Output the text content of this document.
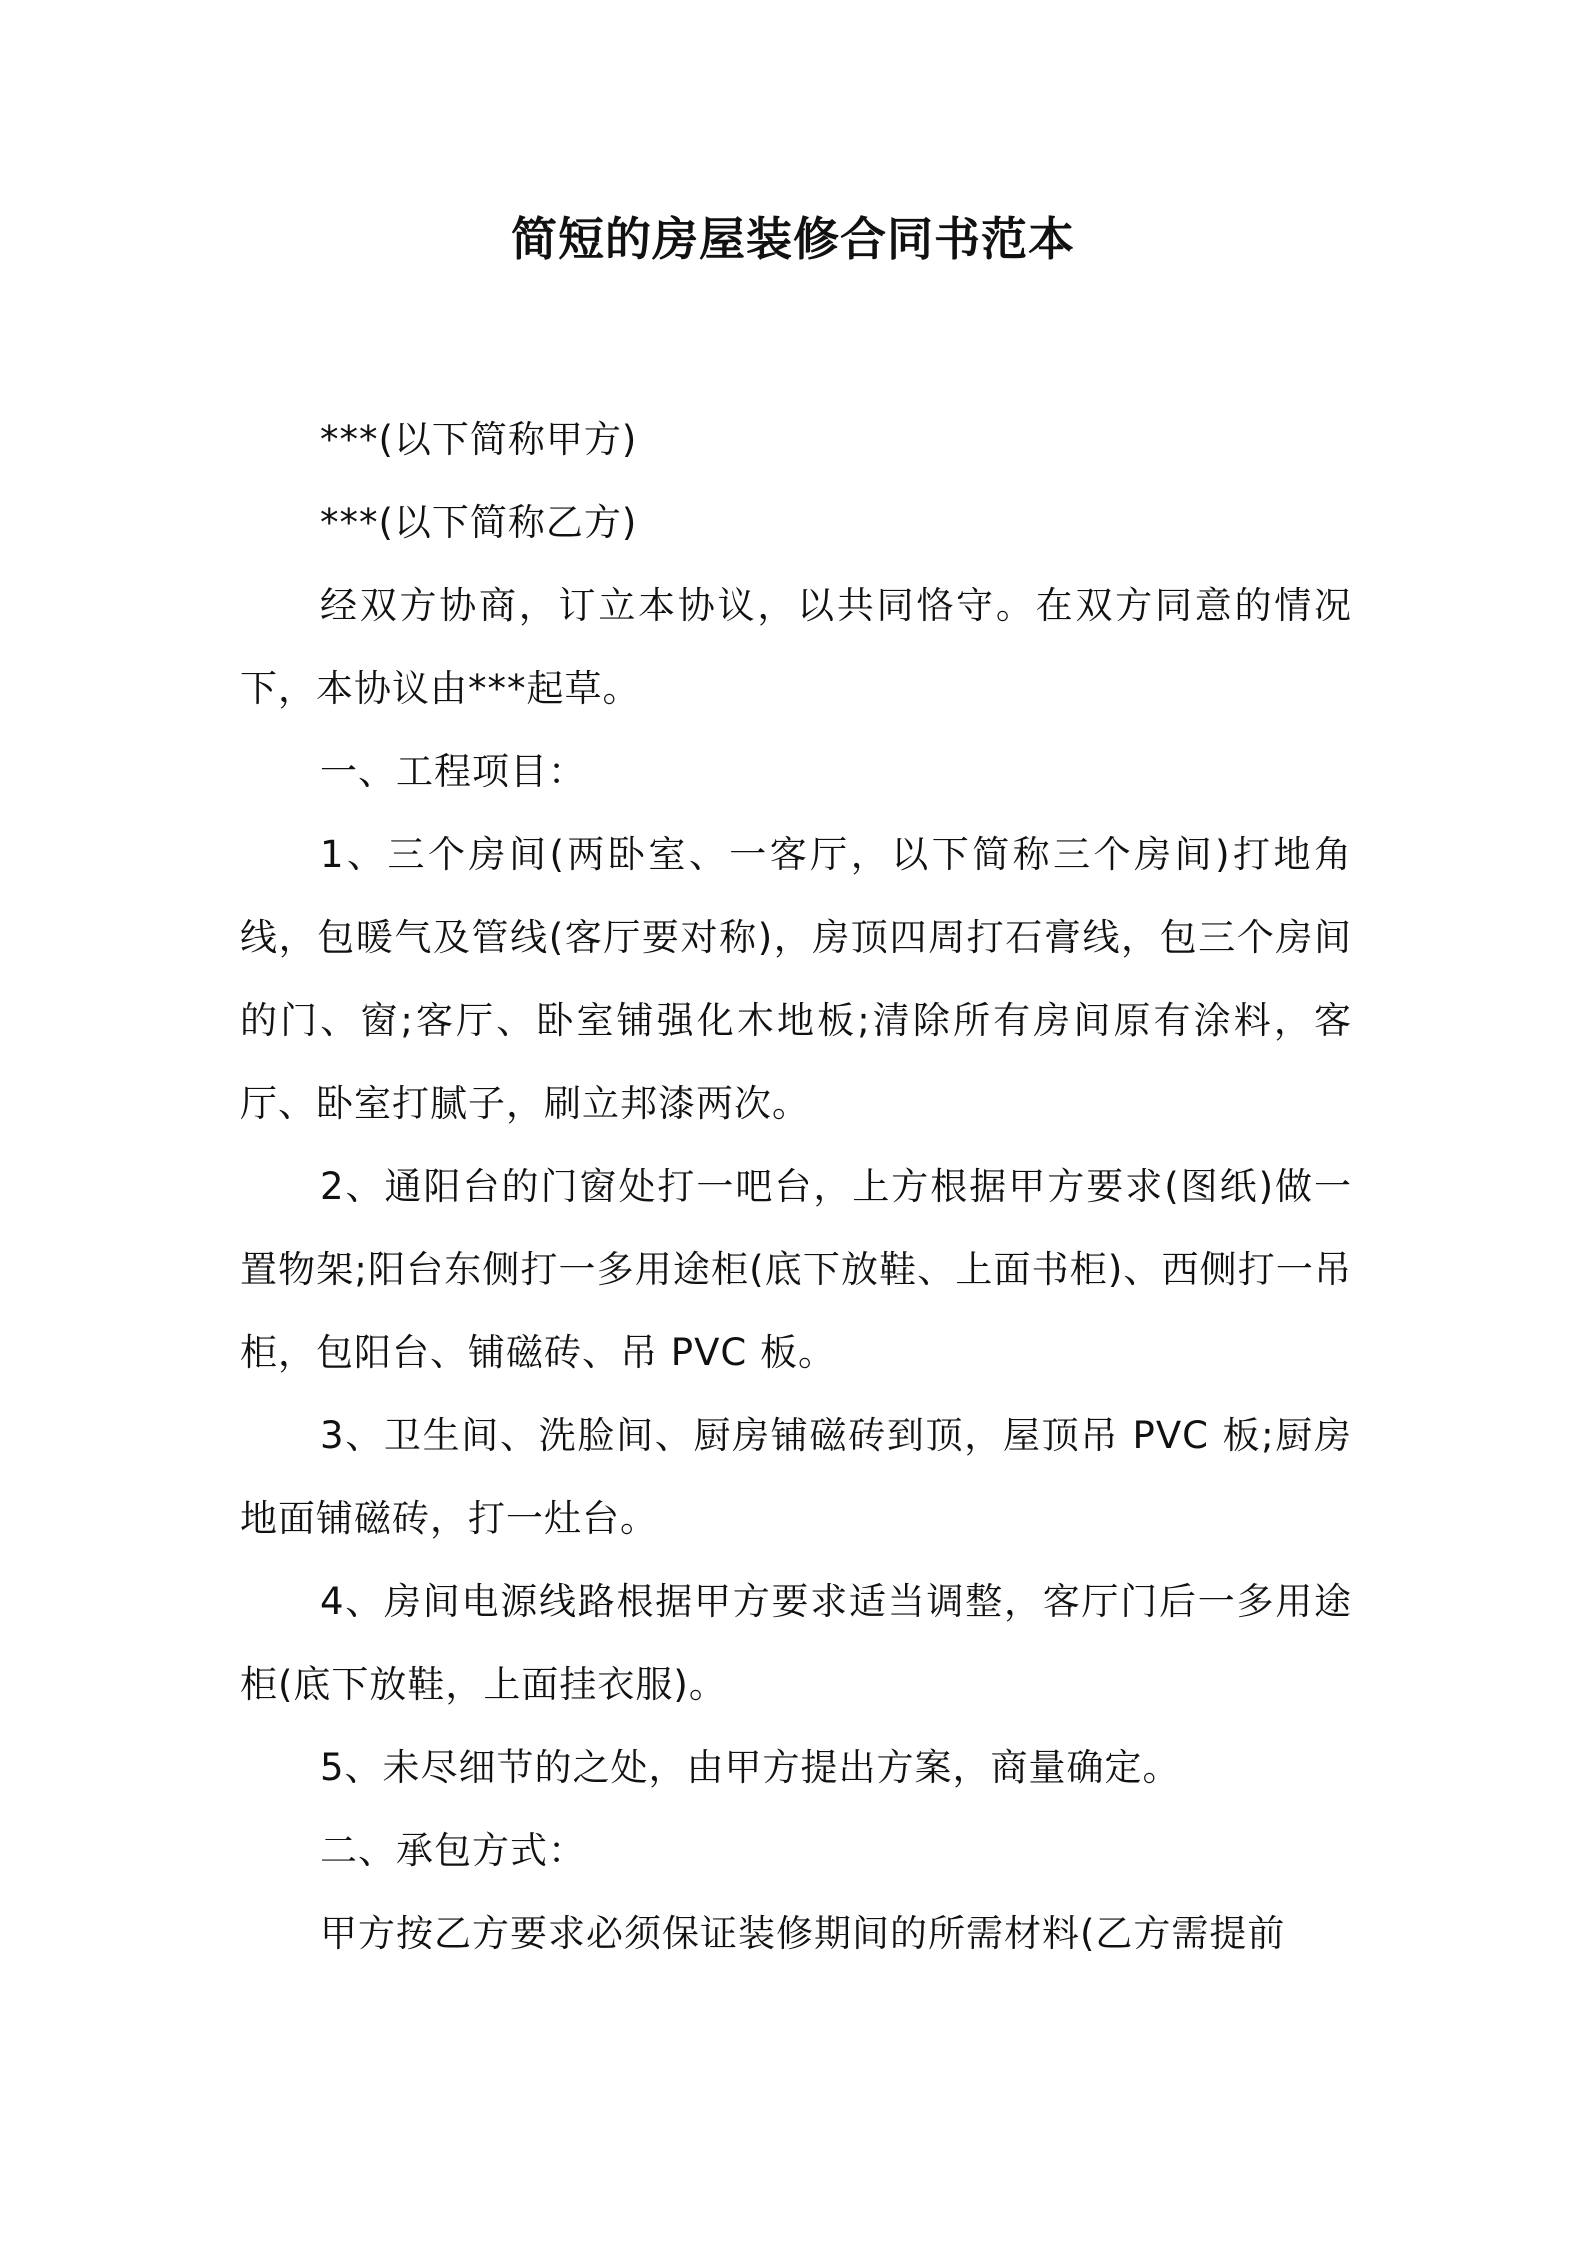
简短的房屋装修合同书范本

***(以下简称甲方)

***(以下简称乙方)

经双方协商，订立本协议，以共同恪守。在双方同意的情况下，本协议由***起草。

一、工程项目：

1、三个房间(两卧室、一客厅，以下简称三个房间)打地角线，包暖气及管线(客厅要对称)，房顶四周打石膏线，包三个房间的门、窗;客厅、卧室铺强化木地板;清除所有房间原有涂料，客厅、卧室打腻子，刷立邦漆两次。

2、通阳台的门窗处打一吧台，上方根据甲方要求(图纸)做一置物架;阳台东侧打一多用途柜(底下放鞋、上面书柜)、西侧打一吊柜，包阳台、铺磁砖、吊 PVC 板。

3、卫生间、洗脸间、厨房铺磁砖到顶，屋顶吊 PVC 板;厨房地面铺磁砖，打一灶台。

4、房间电源线路根据甲方要求适当调整，客厅门后一多用途柜(底下放鞋，上面挂衣服)。

5、未尽细节的之处，由甲方提出方案，商量确定。

二、承包方式：

甲方按乙方要求必须保证装修期间的所需材料(乙方需提前
